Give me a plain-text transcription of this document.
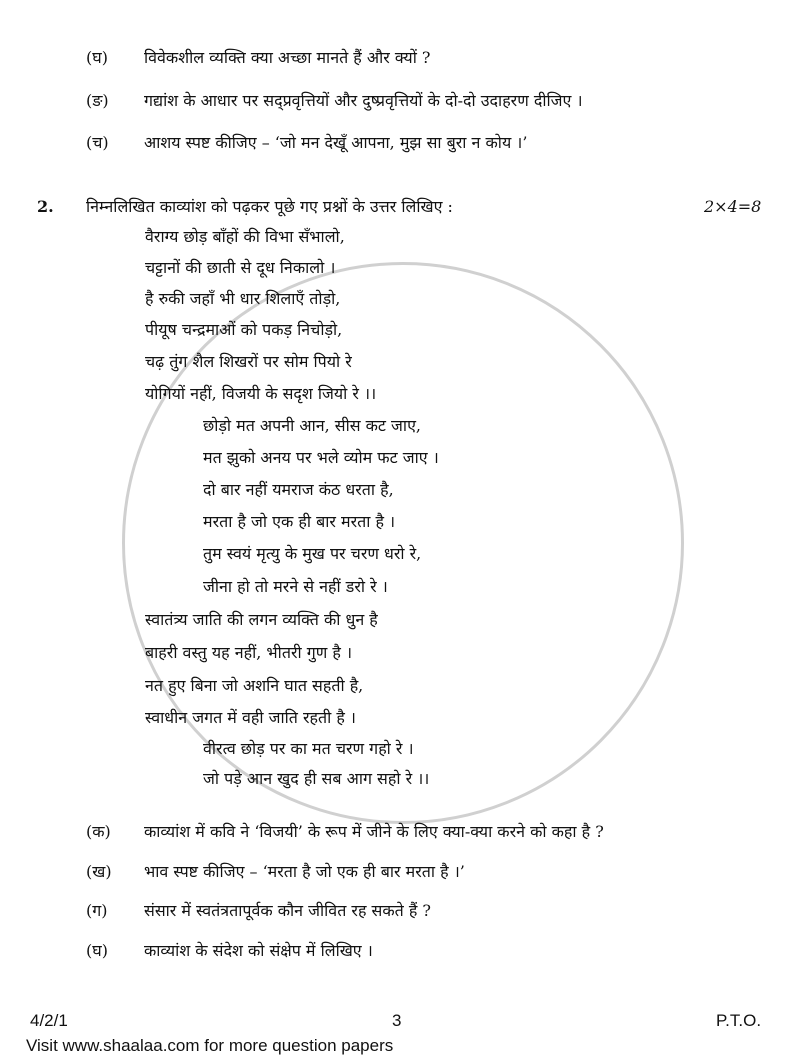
(घ) विवेकशील व्यक्ति क्या अच्छा मानते हैं और क्यों ?
(ङ) गद्यांश के आधार पर सद्प्रवृत्तियों और दुष्प्रवृत्तियों के दो-दो उदाहरण दीजिए ।
(च) आशय स्पष्ट कीजिए – ‘जो मन देखूँ आपना, मुझ सा बुरा न कोय ।’
2. निम्नलिखित काव्यांश को पढ़कर पूछे गए प्रश्नों के उत्तर लिखिए :	2×4=8
वैराग्य छोड़ बाँहों की विभा सँभालो,
चट्टानों की छाती से दूध निकालो ।
है रुकी जहाँ भी धार शिलाएँ तोड़ो,
पीयूष चन्द्रमाओं को पकड़ निचोड़ो,
चढ़ तुंग शैल शिखरों पर सोम पियो रे
योगियों नहीं, विजयी के सदृश जियो रे ।।
छोड़ो मत अपनी आन, सीस कट जाए,
मत झुको अनय पर भले व्योम फट जाए ।
दो बार नहीं यमराज कंठ धरता है,
मरता है जो एक ही बार मरता है ।
तुम स्वयं मृत्यु के मुख पर चरण धरो रे,
जीना हो तो मरने से नहीं डरो रे ।
स्वातंत्र्य जाति की लगन व्यक्ति की धुन है
बाहरी वस्तु यह नहीं, भीतरी गुण है ।
नत हुए बिना जो अशनि घात सहती है,
स्वाधीन जगत में वही जाति रहती है ।
वीरत्व छोड़ पर का मत चरण गहो रे ।
जो पड़े आन खुद ही सब आग सहो रे ।।
(क) काव्यांश में कवि ने ‘विजयी’ के रूप में जीने के लिए क्या-क्या करने को कहा है ?
(ख) भाव स्पष्ट कीजिए – ‘मरता है जो एक ही बार मरता है ।’
(ग) संसार में स्वतंत्रतापूर्वक कौन जीवित रह सकते हैं ?
(घ) काव्यांश के संदेश को संक्षेप में लिखिए ।
4/2/1	3	P.T.O.
Visit www.shaalaa.com for more question papers
